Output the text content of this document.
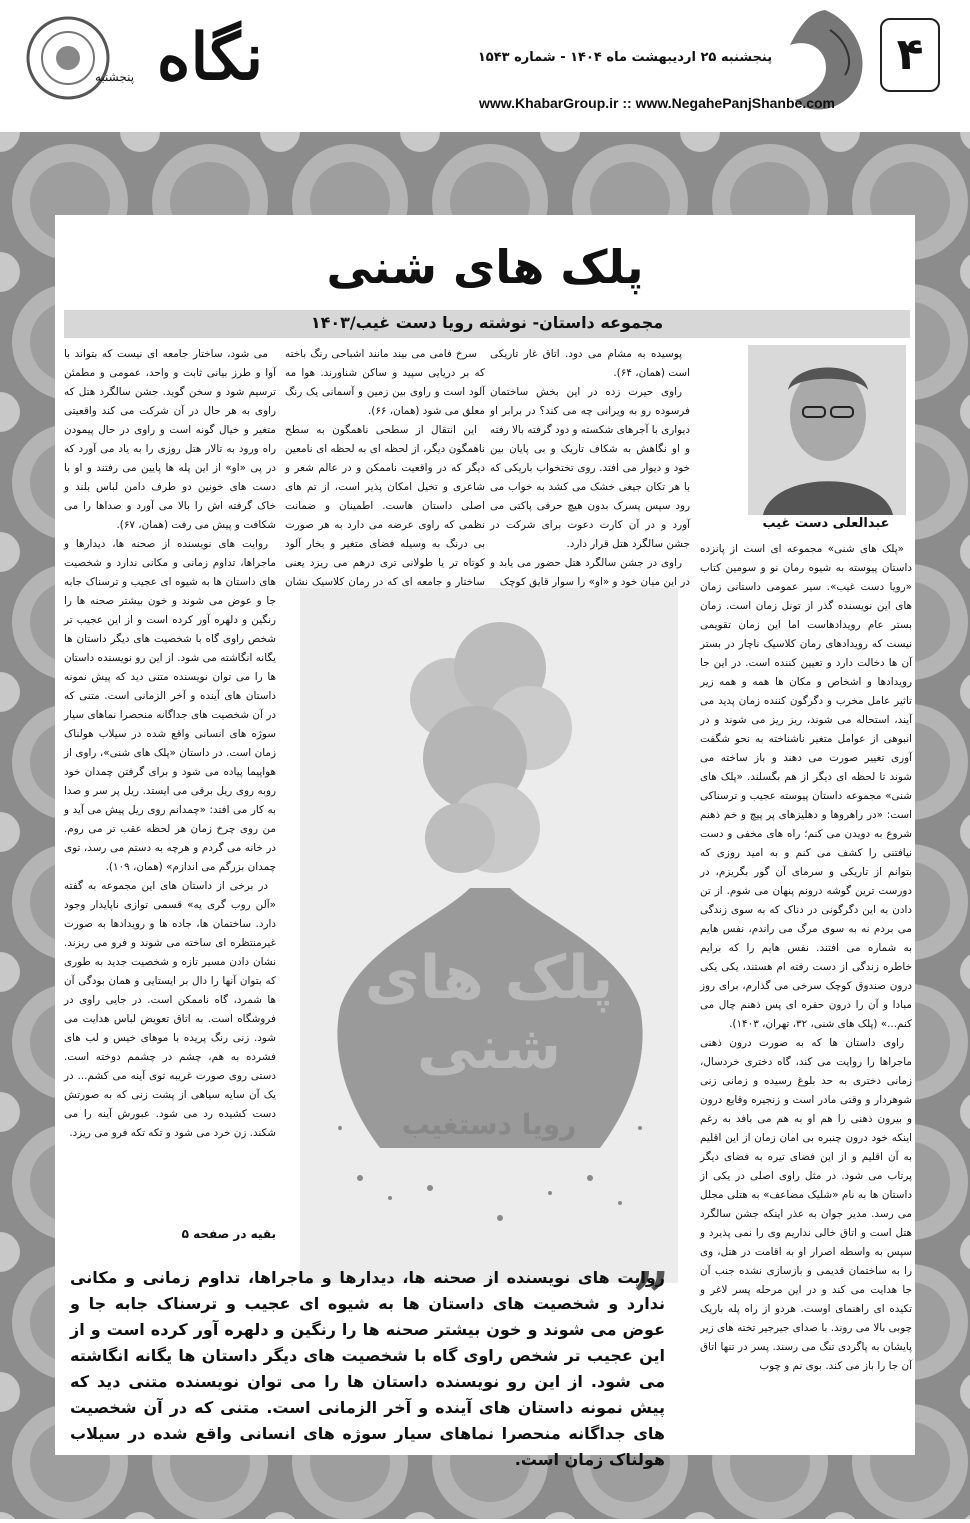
۴
پنجشنبه ۲۵ اردیبهشت ماه ۱۴۰۴ - شماره ۱۵۴۳
www.KhabarGroup.ir :: www.NegahePanjShanbe.com
نگاه
پنجشنبه
پلک های شنی
مجموعه داستان- نوشته رویا دست غیب/۱۴۰۳
عبدالعلی دست غیب

«پلک های شنی» مجموعه ای است از پانزده داستان پیوسته به شیوه رمان نو و سومین کتاب «رویا دست غیب». سیر عمومی داستانی زمان های این نویسنده گذر از تونل زمان است. زمان بستر عام رویدادهاست اما این زمان تقویمی نیست که رویدادهای رمان کلاسیک ناچار در بستر آن ها دخالت دارد و تعیین کننده است. در این جا رویدادها و اشخاص و مکان ها همه و همه زیر تاثیر عامل مخرب و دگرگون کننده زمان پدید می آیند، استحاله می شوند، ریز ریز می شوند و در انبوهی از عوامل متغیر ناشناخته به نحو شگفت آوری تغییر صورت می دهند و باز ساخته می شوند تا لحظه ای دیگر از هم بگسلند. «پلک های شنی» مجموعه داستان پیوسته عجیب و ترسناکی است: «در راهروها و دهلیزهای پر پیچ و خم ذهنم شروع به دویدن می کنم؛ راه های مخفی و دست نیافتنی را کشف می کنم و به امید روزی که بتوانم از تاریکی و سرمای آن گور بگریزم، در دورست ترین گوشه درونم پنهان می شوم. از تن دادن به این دگرگونی در دناک که به سوی زندگی می بردم نه به سوی مرگ می راندم، نفس هایم به شماره می افتند. نفس هایم را که برایم خاطره زندگی از دست رفته ام هستند، یکی یکی درون صندوق کوچک سرخی می گذارم، برای روز مبادا و آن را درون حفره ای پس ذهنم چال می کنم...» (پلک های شنی، ۳۲، تهران، ۱۴۰۳).

راوی داستان ها که به صورت درون ذهنی ماجراها را روایت می کند، گاه دختری خردسال، زمانی دختری به حد بلوغ رسیده و زمانی زنی شوهردار و وقتی مادر است و زنجیره وقایع درون و بیرون ذهنی را هم او به هم می بافد به رغم اینکه خود درون چنبره بی امان زمان از این اقلیم به آن اقلیم و از این فضای تیره به فضای دیگر پرتاب می شود. در مثل راوی اصلی در یکی از داستان ها به نام «شلیک مضاعف» به هتلی مجلل می رسد. مدیر جوان به عذر اینکه جشن سالگرد هتل است و اتاق خالی نداریم وی را نمی پذیرد و سپس به واسطه اصرار او به اقامت در هتل، وی را به ساختمان قدیمی و بازسازی نشده جنب آن جا هدایت می کند و در این مرحله پسر لاغر و تکیده ای راهنمای اوست. هردو از راه پله باریک چوبی بالا می روند. با صدای جیرجیر تخته های زیر پایشان به پاگردی تنگ می رسند. پسر در تنها اتاق آن جا را باز می کند. بوی نم و چوب

پوسیده به مشام می دود. اتاق غار تاریکی است (همان، ۶۴).

راوی حیرت زده در این بخش ساختمان فرسوده رو به ویرانی چه می کند؟ در برابر او دیواری با آجرهای شکسته و دود گرفته بالا رفته و او نگاهش به شکاف تاریک و بی پایان بین خود و دیوار می افتد. روی تختخواب باریکی که با هر تکان جیغی خشک می کشد به خواب می رود سپس پسرک بدون هیچ حرفی پاکتی می آورد و در آن کارت دعوت برای شرکت در جشن سالگرد هتل قرار دارد.

راوی در جشن سالگرد هتل حضور می یابد و در این میان خود و «او» را سوار قایق کوچک

سرخ فامی می بیند مانند اشباحی رنگ باخته که بر دریایی سپید و ساکن شناورند. هوا مه آلود است و راوی بین زمین و آسمانی یک رنگ معلق می شود (همان، ۶۶).

این انتقال از سطحی ناهمگون به سطح ناهمگون دیگر، از لحظه ای به لحظه ای نامعین دیگر که در واقعیت ناممکن و در عالم شعر و شاعری و تخیل امکان پذیر است، از تم های اصلی داستان هاست. اطمینان و ضمانت نظمی که راوی عرضه می دارد به هر صورت بی درنگ به وسیله فضای متغیر و بخار آلود کوتاه تر یا طولانی تری درهم می ریزد یعنی ساختار و جامعه ای که در رمان کلاسیک نشان

می شود، ساختار جامعه ای نیست که بتواند با آوا و طرز بیانی ثابت و واحد، عمومی و مطمئن ترسیم شود و سخن گوید. جشن سالگرد هتل که راوی به هر حال در آن شرکت می کند واقعیتی متغیر و خیال گونه است و راوی در حال پیمودن راه ورود به تالار هتل روزی را به یاد می آورد که در پی «او» از این پله ها پایین می رفتند و او با دست های خونین دو طرف دامن لباس بلند و خاک گرفته اش را بالا می آورد و صداها را می شکافت و پیش می رفت (همان، ۶۷).

روایت های نویسنده از صحنه ها، دیدارها و ماجراها، تداوم زمانی و مکانی ندارد و شخصیت های داستان ها به شیوه ای عجیب و ترسناک جابه جا و عوض می شوند و خون بیشتر صحنه ها را رنگین و دلهره آور کرده است و از این عجیب تر شخص راوی گاه با شخصیت های دیگر داستان ها یگانه انگاشته می شود. از این رو نویسنده داستان ها را می توان نویسنده متنی دید که پیش نمونه داستان های آینده و آخر الزمانی است. متنی که در آن شخصیت های جداگانه منحصرا نماهای سیار سوژه های انسانی واقع شده در سیلاب هولناک زمان است. در داستان «پلک های شنی»، راوی از هواپیما پیاده می شود و برای گرفتن چمدان خود روبه روی ریل برقی می ایستد. ریل پر سر و صدا به کار می افتد: «چمدانم روی ریل پیش می آید و من روی چرخ زمان هر لحظه عقب تر می روم. در خانه می گردم و هرچه به دستم می رسد، توی چمدان بزرگم می اندازم» (همان، ۱۰۹).

در برخی از داستان های این مجموعه به گفته «آلن روب گری یه» قسمی توازی ناپایدار وجود دارد. ساختمان ها، جاده ها و رویدادها به صورت غیرمنتظره ای ساخته می شوند و فرو می ریزند. نشان دادن مسیر تازه و شخصیت جدید به طوری که بتوان آنها را دال بر ایستایی و همان بودگی آن ها شمرد، گاه ناممکن است. در جایی راوی در فروشگاه است. به اتاق تعویض لباس هدایت می شود. زنی رنگ پریده با موهای خیس و لب های فشرده به هم، چشم در چشمم دوخته است. دستی روی صورت غریبه توی آینه می کشم... در یک آن سایه سیاهی از پشت زنی که به صورتش دست کشیده رد می شود. عبورش آینه را می شکند. زن خرد می شود و تکه تکه فرو می ریزد.

بقیه در صفحه ۵
پلک های شنی
رویا دستغیب
”
روایت های نویسنده از صحنه ها، دیدارها و ماجراها، تداوم زمانی و مکانی ندارد و شخصیت های داستان ها به شیوه ای عجیب و ترسناک جابه جا و عوض می شوند و خون بیشتر صحنه ها را رنگین و دلهره آور کرده است و از این عجیب تر شخص راوی گاه با شخصیت های دیگر داستان ها یگانه انگاشته می شود. از این رو نویسنده داستان ها را می توان نویسنده متنی دید که پیش نمونه داستان های آینده و آخر الزمانی است. متنی که در آن شخصیت های جداگانه منحصرا نماهای سیار سوژه های انسانی واقع شده در سیلاب هولناک زمان است.
